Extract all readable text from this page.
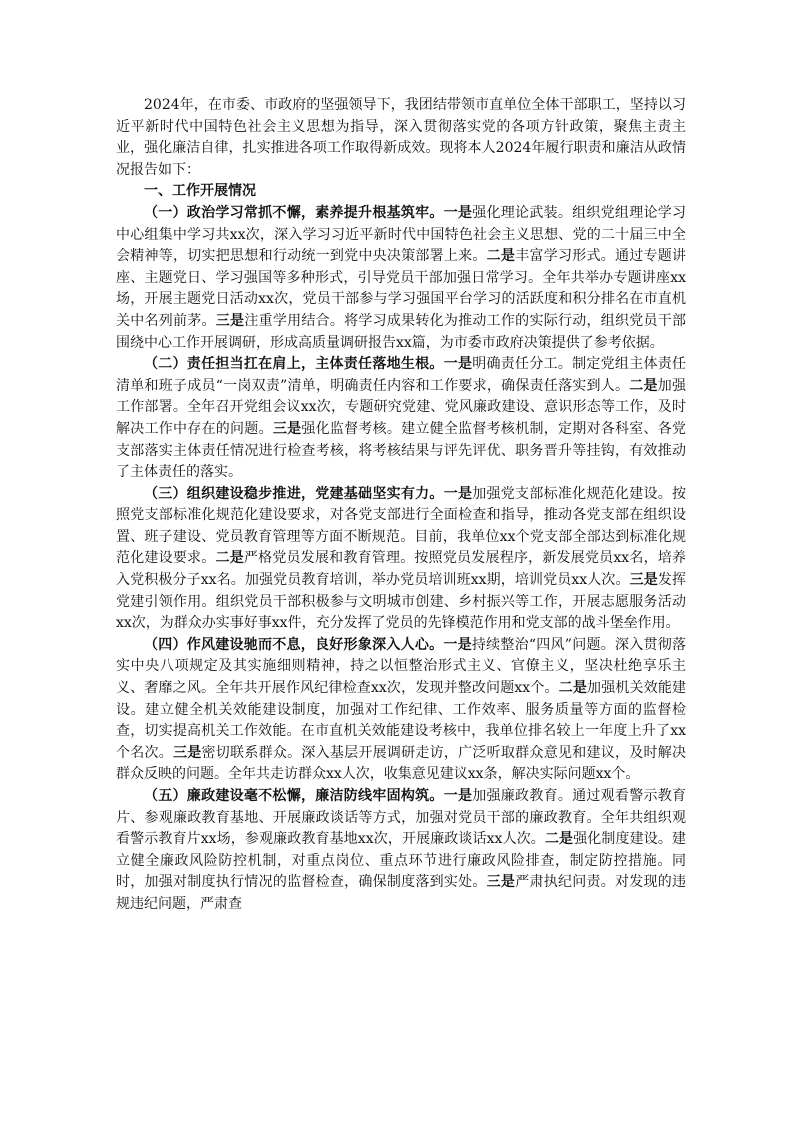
2024年，在市委、市政府的坚强领导下，我团结带领市直单位全体干部职工，坚持以习近平新时代中国特色社会主义思想为指导，深入贯彻落实党的各项方针政策，聚焦主责主业，强化廉洁自律，扎实推进各项工作取得新成效。现将本人2024年履行职责和廉洁从政情况报告如下：

一、工作开展情况

（一）政治学习常抓不懈，素养提升根基筑牢。一是强化理论武装。组织党组理论学习中心组集中学习共xx次，深入学习习近平新时代中国特色社会主义思想、党的二十届三中全会精神等，切实把思想和行动统一到党中央决策部署上来。二是丰富学习形式。通过专题讲座、主题党日、学习强国等多种形式，引导党员干部加强日常学习。全年共举办专题讲座xx场，开展主题党日活动xx次，党员干部参与学习强国平台学习的活跃度和积分排名在市直机关中名列前茅。三是注重学用结合。将学习成果转化为推动工作的实际行动，组织党员干部围绕中心工作开展调研，形成高质量调研报告xx篇，为市委市政府决策提供了参考依据。

（二）责任担当扛在肩上，主体责任落地生根。一是明确责任分工。制定党组主体责任清单和班子成员“一岗双责”清单，明确责任内容和工作要求，确保责任落实到人。二是加强工作部署。全年召开党组会议xx次，专题研究党建、党风廉政建设、意识形态等工作，及时解决工作中存在的问题。三是强化监督考核。建立健全监督考核机制，定期对各科室、各党支部落实主体责任情况进行检查考核，将考核结果与评先评优、职务晋升等挂钩，有效推动了主体责任的落实。

（三）组织建设稳步推进，党建基础坚实有力。一是加强党支部标准化规范化建设。按照党支部标准化规范化建设要求，对各党支部进行全面检查和指导，推动各党支部在组织设置、班子建设、党员教育管理等方面不断规范。目前，我单位xx个党支部全部达到标准化规范化建设要求。二是严格党员发展和教育管理。按照党员发展程序，新发展党员xx名，培养入党积极分子xx名。加强党员教育培训，举办党员培训班xx期，培训党员xx人次。三是发挥党建引领作用。组织党员干部积极参与文明城市创建、乡村振兴等工作，开展志愿服务活动xx次，为群众办实事好事xx件，充分发挥了党员的先锋模范作用和党支部的战斗堡垒作用。

（四）作风建设驰而不息，良好形象深入人心。一是持续整治“四风”问题。深入贯彻落实中央八项规定及其实施细则精神，持之以恒整治形式主义、官僚主义，坚决杜绝享乐主义、奢靡之风。全年共开展作风纪律检查xx次，发现并整改问题xx个。二是加强机关效能建设。建立健全机关效能建设制度，加强对工作纪律、工作效率、服务质量等方面的监督检查，切实提高机关工作效能。在市直机关效能建设考核中，我单位排名较上一年度上升了xx个名次。三是密切联系群众。深入基层开展调研走访，广泛听取群众意见和建议，及时解决群众反映的问题。全年共走访群众xx人次，收集意见建议xx条，解决实际问题xx个。

（五）廉政建设毫不松懈，廉洁防线牢固构筑。一是加强廉政教育。通过观看警示教育片、参观廉政教育基地、开展廉政谈话等方式，加强对党员干部的廉政教育。全年共组织观看警示教育片xx场，参观廉政教育基地xx次，开展廉政谈话xx人次。二是强化制度建设。建立健全廉政风险防控机制，对重点岗位、重点环节进行廉政风险排查，制定防控措施。同时，加强对制度执行情况的监督检查，确保制度落到实处。三是严肃执纪问责。对发现的违规违纪问题，严肃查
